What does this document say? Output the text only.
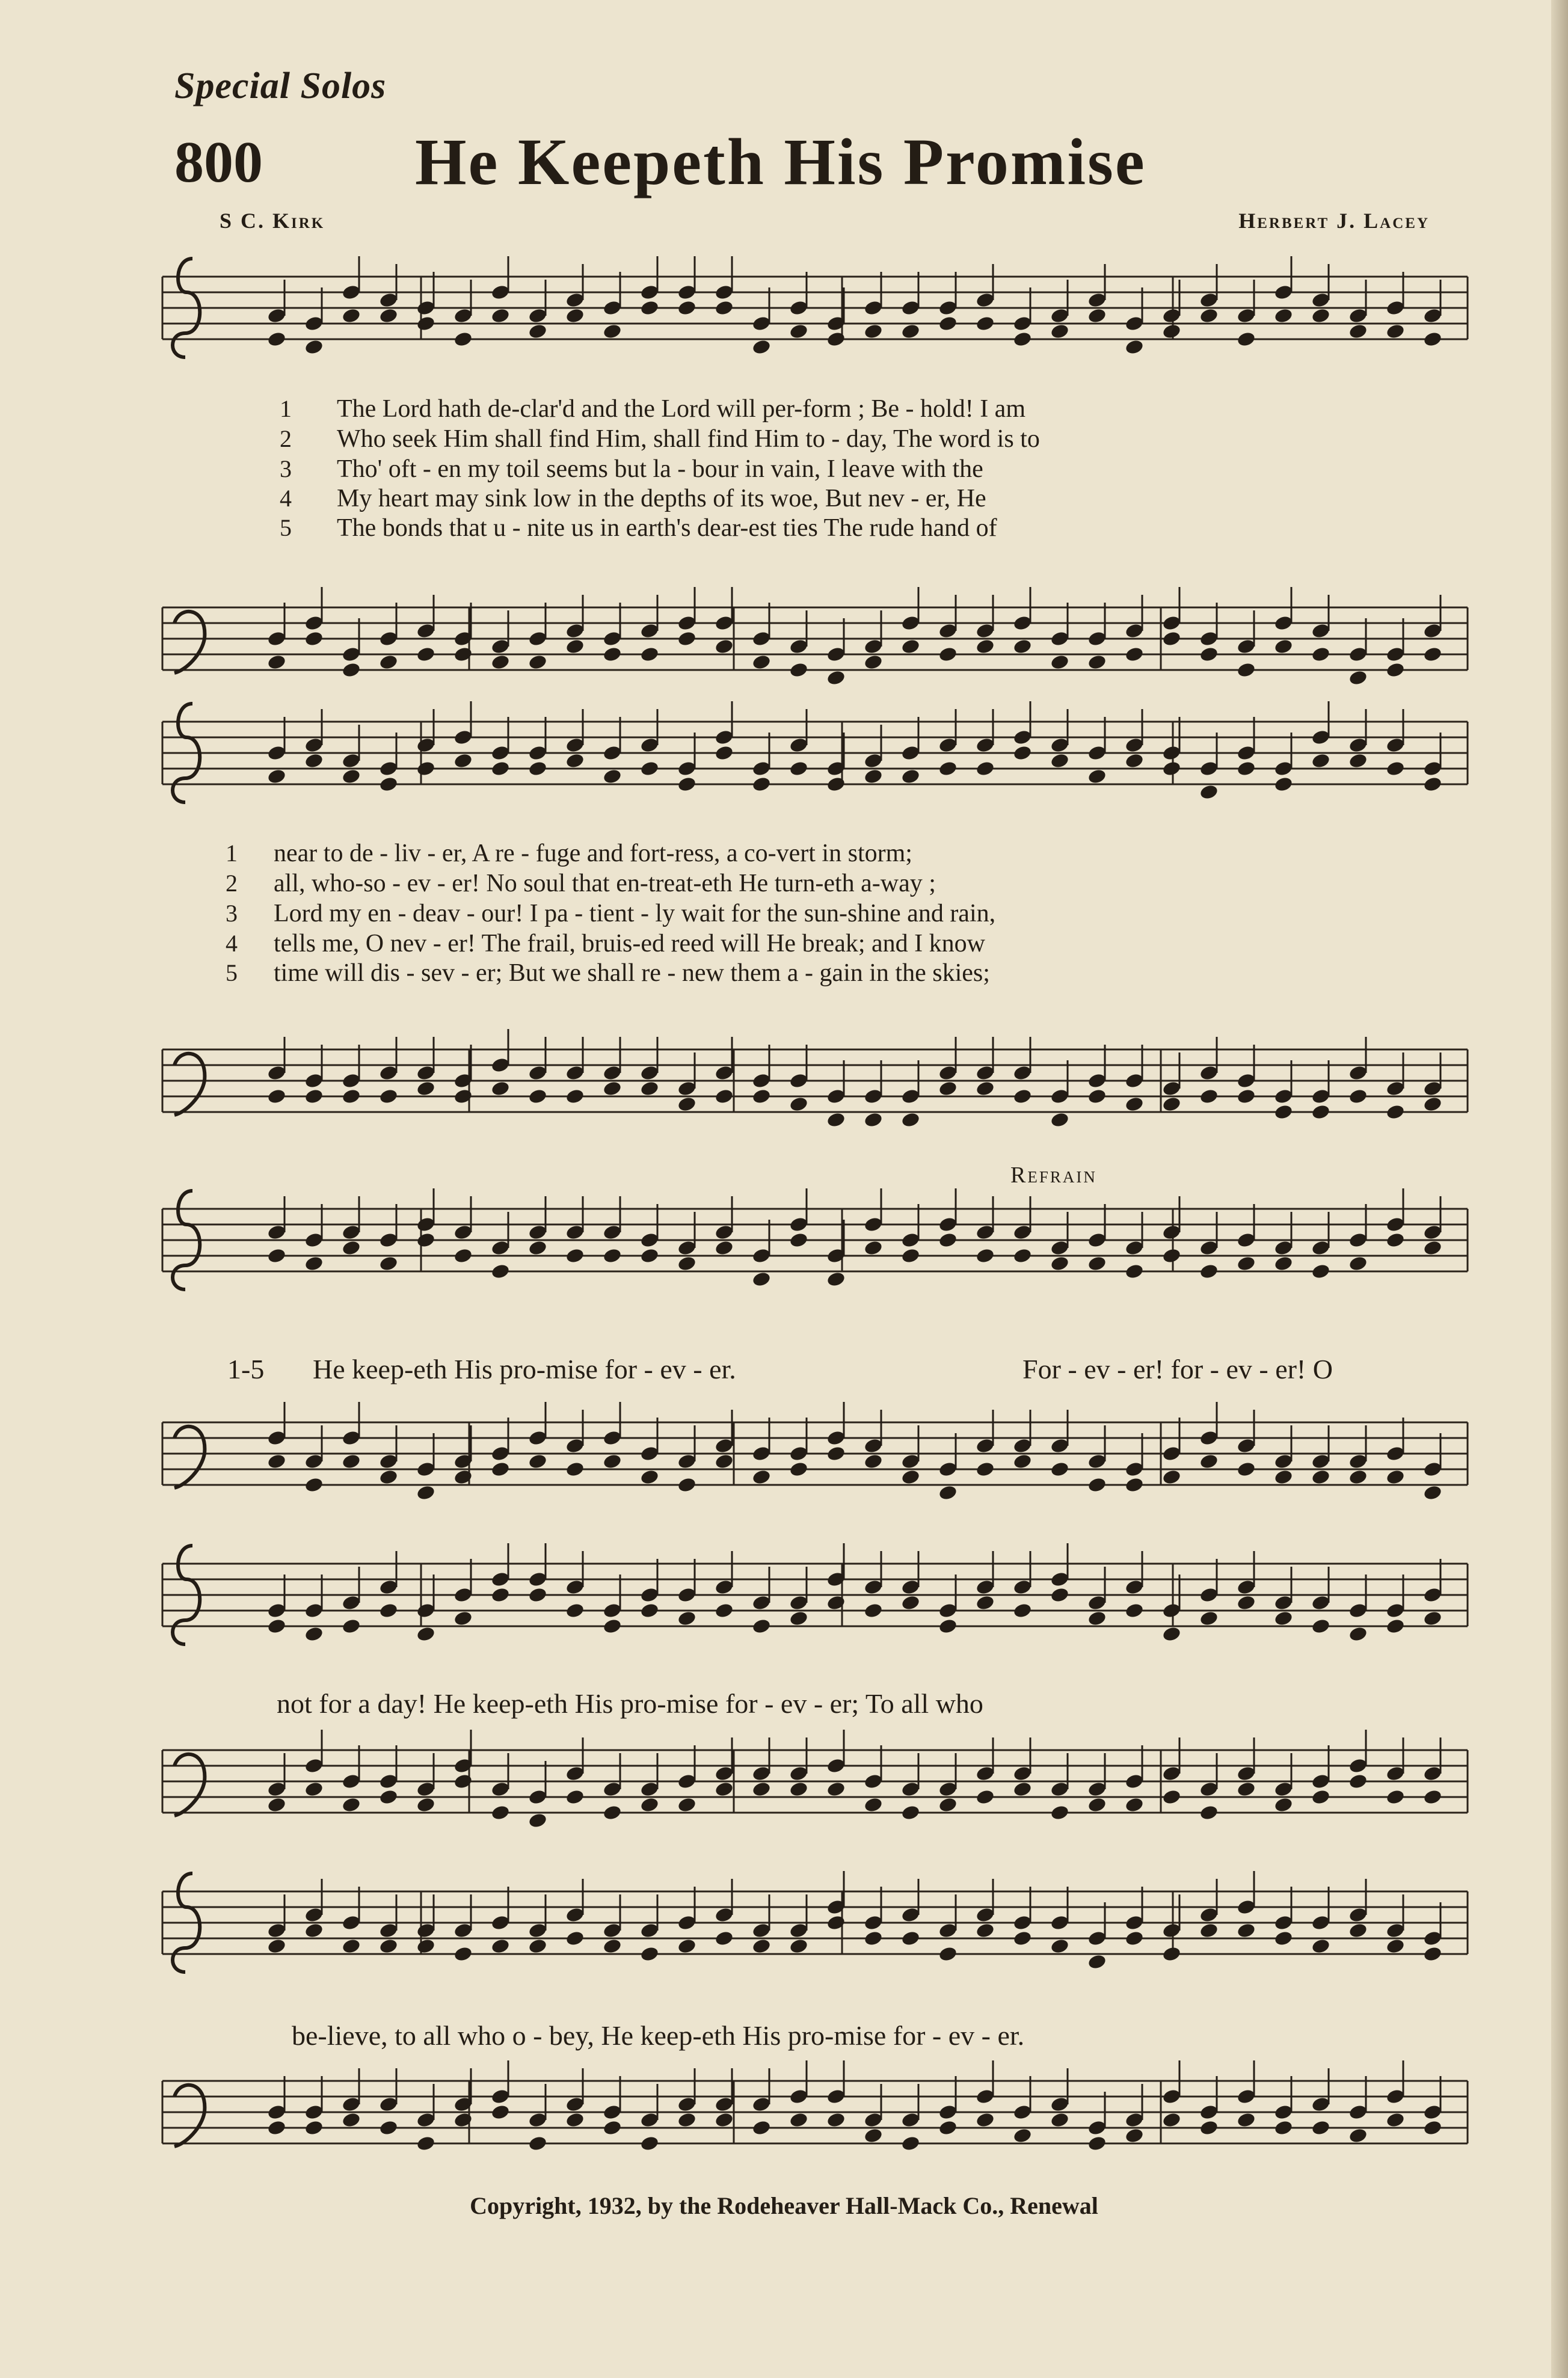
Special Solos
800 He Keepeth His Promise
S C. Kirk	Herbert J. Lacey
1 The Lord hath de-clar'd and the Lord will per-form ; Be - hold! I am
2 Who seek Him shall find Him, shall find Him to - day, The word is to
3 Tho' oft - en my toil seems but la - bour in vain, I leave with the
4 My heart may sink low in the depths of its woe, But nev - er, He
5 The bonds that u - nite us in earth's dear-est ties The rude hand of
1 near to de - liv - er, A re - fuge and fort-ress, a co-vert in storm;
2 all, who-so - ev - er! No soul that en-treat-eth He turn-eth a-way ;
3 Lord my en - deav - our! I pa - tient - ly wait for the sun-shine and rain,
4 tells me, O nev - er! The frail, bruis-ed reed will He break; and I know
5 time will dis - sev - er; But we shall re - new them a - gain in the skies;
Refrain
1-5 He keep-eth His pro-mise for - ev - er.	For - ev - er! for - ev - er! O
not for a day! He keep-eth His pro-mise for - ev - er; To all who
be-lieve, to all who o - bey, He keep-eth His pro-mise for - ev - er.
Copyright, 1932, by the Rodeheaver Hall-Mack Co., Renewal
